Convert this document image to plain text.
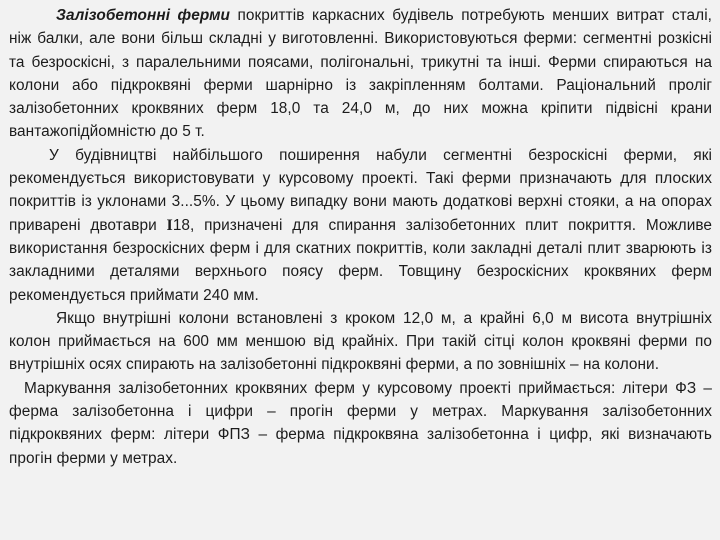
Залізобетонні ферми покриттів каркасних будівель потребують менших витрат сталі, ніж балки, але вони більш складні у виготовленні. Використовуються ферми: сегментні розкісні та безроскісні, з паралельними поясами, полігональні, трикутні та інші. Ферми спираються на колони або підкроквяні ферми шарнірно із закріпленням болтами. Раціональний проліг залізобетонних кроквяних ферм 18,0 та 24,0 м, до них можна кріпити підвісні крани вантажопідйомністю до 5 т.

У будівництві найбільшого поширення набули сегментні безроскісні ферми, які рекомендується використовувати у курсовому проекті. Такі ферми призначають для плоских покриттів із уклонами 3...5%. У цьому випадку вони мають додаткові верхні стояки, а на опорах приварені двотаври I18, призначені для спирання залізобетонних плит покриття. Можливе використання безроскісних ферм і для скатних покриттів, коли закладні деталі плит зварюють із закладними деталями верхнього поясу ферм. Товщину безроскісних кроквяних ферм рекомендується приймати 240 мм.

Якщо внутрішні колони встановлені з кроком 12,0 м, а крайні 6,0 м висота внутрішніх колон приймається на 600 мм меншою від крайніх. При такій сітці колон кроквяні ферми по внутрішніх осях спирають на залізобетонні підкроквяні ферми, а по зовнішніх – на колони.

Маркування залізобетонних кроквяних ферм у курсовому проекті приймається: літери ФЗ – ферма залізобетонна і цифри – прогін ферми у метрах. Маркування залізобетонних підкроквяних ферм: літери ФПЗ – ферма підкроквяна залізобетонна і цифр, які визначають прогін ферми у метрах.
